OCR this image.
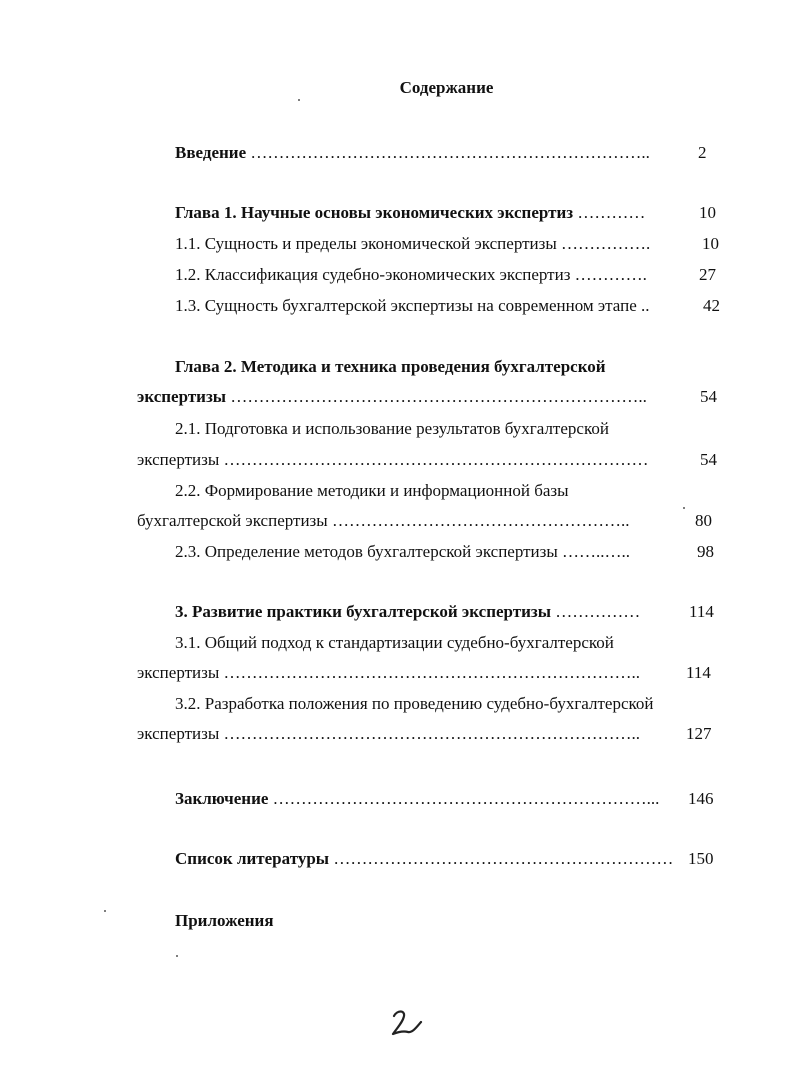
Содержание
Введение ……………………………………………………………..	2
Глава 1. Научные основы экономических экспертиз …………	10
1.1. Сущность и пределы экономической экспертизы …………….	10
1.2. Классификация судебно-экономических экспертиз ………….	27
1.3. Сущность бухгалтерской экспертизы на современном этапе ..	42
Глава 2. Методика и техника проведения бухгалтерской
экспертизы ………………………………………………………………..	54
2.1. Подготовка и использование результатов бухгалтерской
экспертизы …………………………………………………………………	54
2.2. Формирование методики и информационной базы
бухгалтерской экспертизы ……………………………………………..	80
2.3. Определение методов бухгалтерской экспертизы ……..…..	98
3. Развитие практики бухгалтерской экспертизы ……………	114
3.1. Общий подход к стандартизации судебно-бухгалтерской
экспертизы ………………………………………………………………..	114
3.2. Разработка положения по проведению судебно-бухгалтерской
экспертизы ………………………………………………………………..	127
Заключение …………………………………………………………...	146
Список литературы …………………………………………………… 150
Приложения
